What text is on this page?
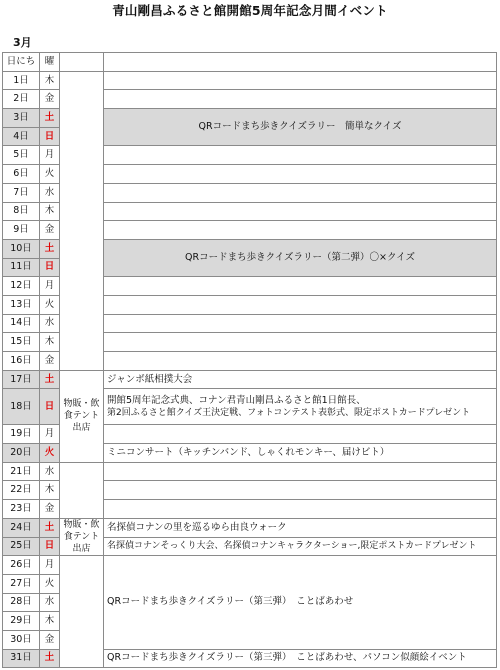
青山剛昌ふるさと館開館5周年記念月間イベント
3月
日にち	曜		
1日	木		
2日	金		
3日	土		QRコードまち歩きクイズラリー　簡単なクイズ
4日	日		
5日	月		
6日	火		
7日	水		
8日	木		
9日	金		
10日	土		QRコードまち歩きクイズラリー（第二弾）〇×クイズ
11日	日		
12日	月		
13日	火		
14日	水		
15日	木		
16日	金		
17日	土	物販・飲食テント出店	ジャンボ紙相撲大会
18日	日		開館5周年記念式典、コナン君青山剛昌ふるさと館1日館長、
第2回ふるさと館クイズ王決定戦、フォトコンテスト表彰式、限定ポストカードプレゼント

19日	月		
20日	火		ミニコンサート（キッチンバンド、しゃくれモンキー、届けビト）
21日	水		
22日	木		
23日	金		
24日	土	物販・飲食テント出店	名探偵コナンの里を巡るゆら由良ウォーク
25日	日		名探偵コナンそっくり大会、名探偵コナンキャラクターショー,限定ポストカードプレゼント
26日	月		QRコードまち歩きクイズラリー（第三弾）　ことばあわせ
27日	火		
28日	水		
29日	木		
30日	金		
31日	土		QRコードまち歩きクイズラリー（第三弾）　ことばあわせ、パソコン似顔絵イベント
